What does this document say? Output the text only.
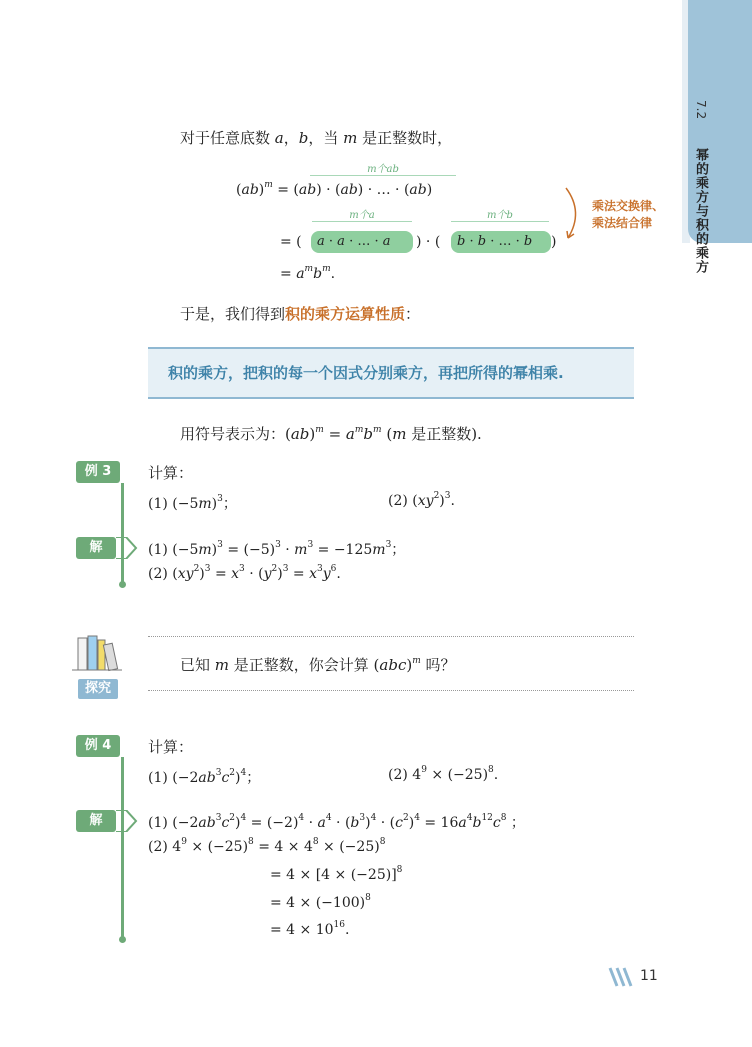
7.2
幂的乘方与积的乘方
对于任意底数 a，b，当 m 是正整数时，
m个ab
(ab)$^m$ = (ab) · (ab) · … · (ab)
m个a	m个b
= (	a · a · … · a	) · (	b · b · … · b	)
= $a^mb^m$.
乘法交换律、
乘法结合律
于是，我们得到积的乘方运算性质：
积的乘方，把积的每一个因式分别乘方，再把所得的幂相乘.
用符号表示为：$(ab)^m = a^mb^m$ (m 是正整数).
例 3	计算：
(1) $(-5m)^3$；	(2) $(xy^2)^3$.
解	(1) $(-5m)^3 = (-5)^3 \cdot m^3 = -125m^3$；
(2) $(xy^2)^3 = x^3 \cdot (y^2)^3 = x^3y^6$.
探究
已知 m 是正整数，你会计算 (abc)$^m$ 吗？
例 4	计算：
(1) $(-2ab^3c^2)^4$；	(2) $4^9 \times (-25)^8$.
解	(1) $(-2ab^3c^2)^4 = (-2)^4 \cdot a^4 \cdot (b^3)^4 \cdot (c^2)^4 = 16a^4b^{12}c^8$ ；
(2) $4^9 \times (-25)^8 = 4 \times 4^8 \times (-25)^8$
= $4 \times [4 \times (-25)]^8$
= $4 \times (-100)^8$
= $4 \times 10^{16}$.
11
